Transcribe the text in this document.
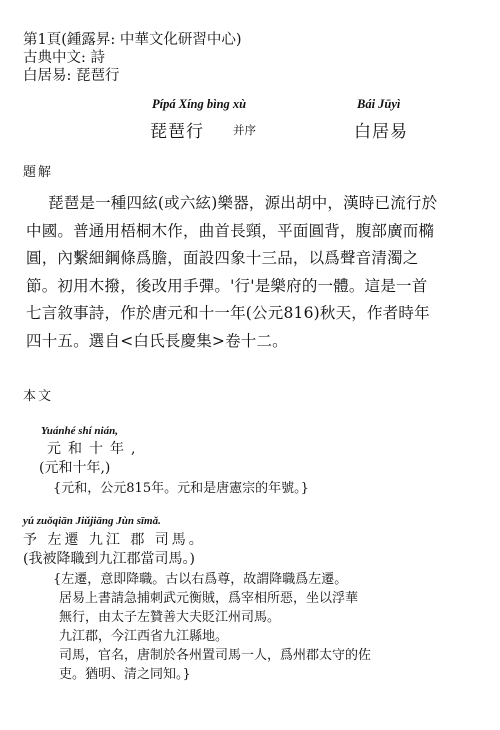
第1頁(鍾露昇: 中華文化研習中心)
古典中文: 詩
白居易: 琵琶行
Pípá Xíng bìng xù
琵琶行	并序
Bái Jūyì
白居易
題解
琵琶是一種四絃(或六絃)樂器，源出胡中，漢時已流行於
中國。普通用梧桐木作，曲首長頸，平面圓背，腹部廣而橢
圓，內繫細鋼條爲膽，面設四象十三品，以爲聲音清濁之
節。初用木撥，後改用手彈。'行'是樂府的一體。這是一首
七言敘事詩，作於唐元和十一年(公元816)秋天，作者時年
四十五。選自<白氏長慶集>卷十二。
本文
Yuánhé shí nián,
元和十年,
(元和十年,)
{元和，公元815年。元和是唐憲宗的年號。}
yú zuǒqiān Jiǔjiāng Jùn sīmǎ.
予 左遷 九江 郡 司馬。
(我被降職到九江郡當司馬。)
{左遷，意即降職。古以右爲尊，故謂降職爲左遷。
居易上書請急捕刺武元衡賊，爲宰相所惡，坐以浮華
無行，由太子左贊善大夫貶江州司馬。
九江郡，今江西省九江縣地。
司馬，官名，唐制於各州置司馬一人，爲州郡太守的佐
吏。猶明、清之同知。}
